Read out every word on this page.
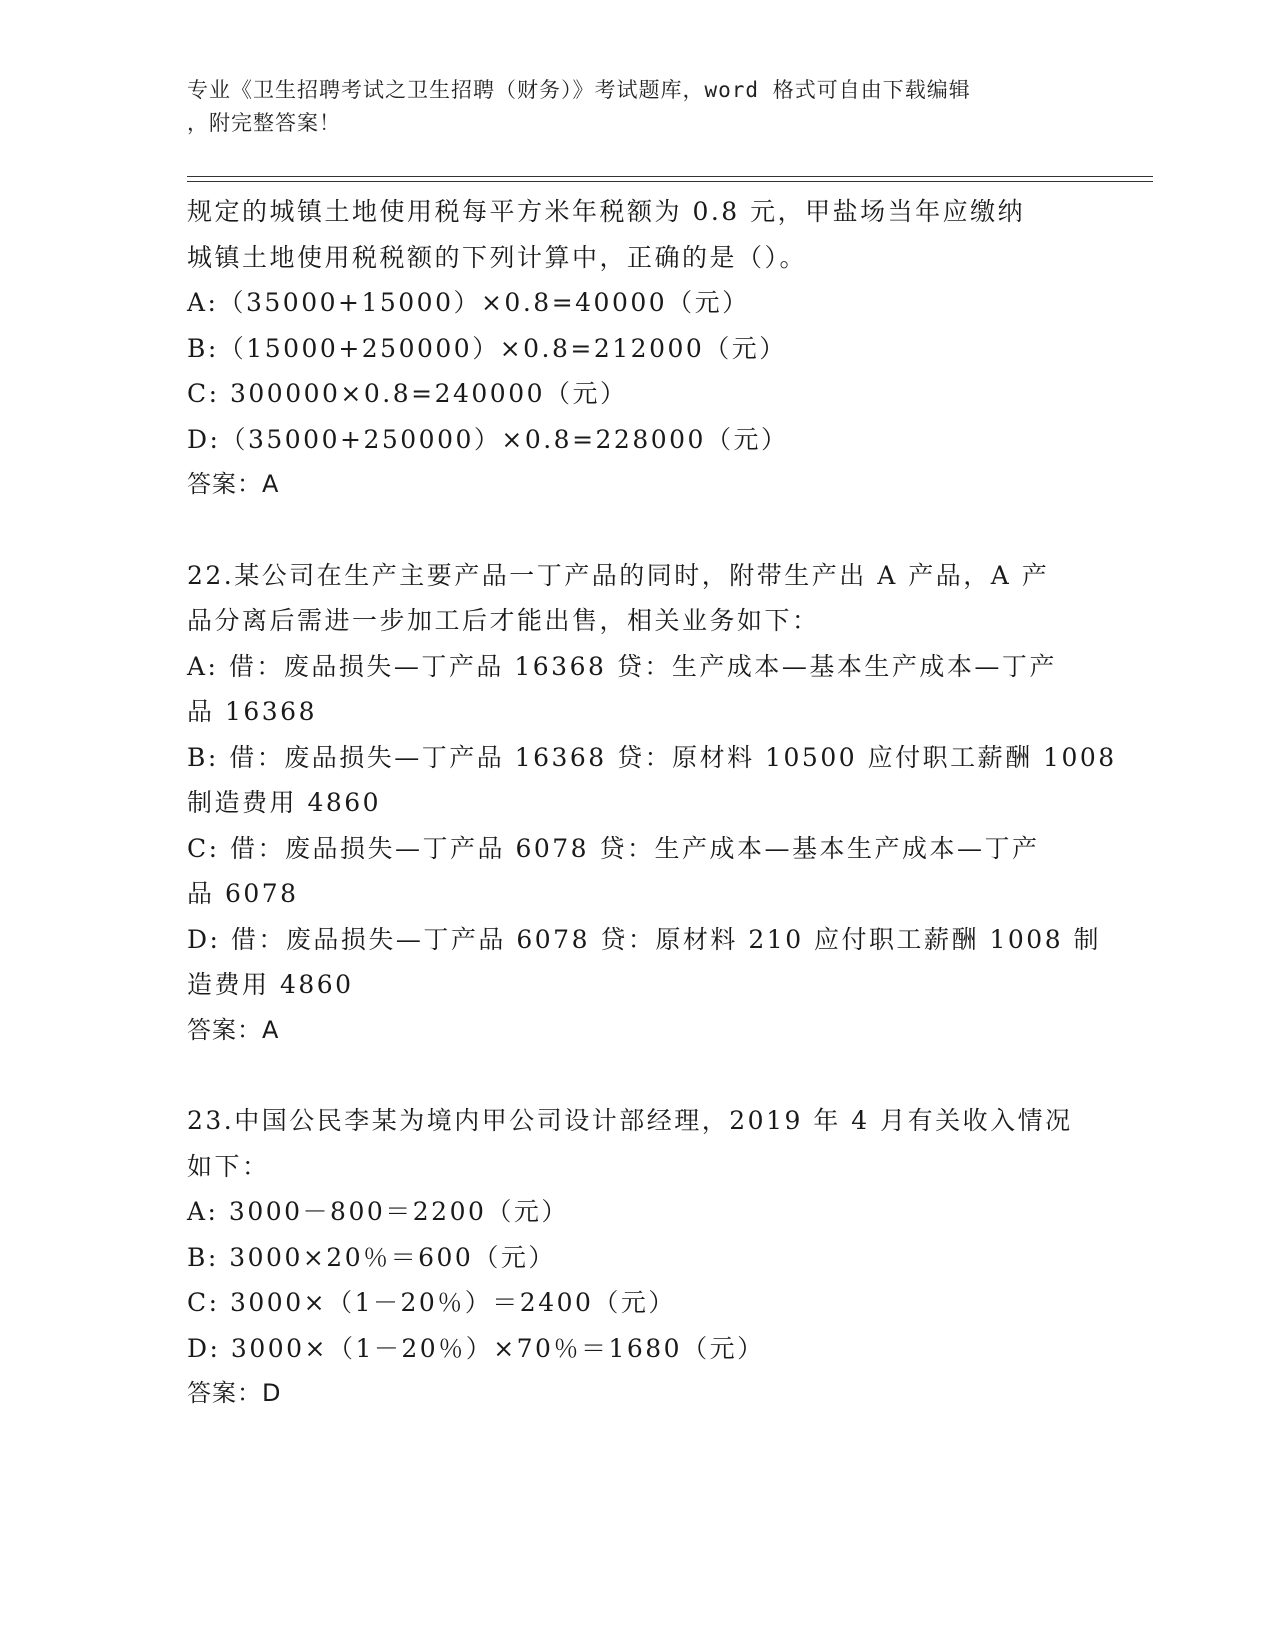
专业《卫生招聘考试之卫生招聘（财务）》考试题库，word 格式可自由下载编辑
，附完整答案！
规定的城镇土地使用税每平方米年税额为 0.8 元，甲盐场当年应缴纳
城镇土地使用税税额的下列计算中，正确的是（）。
A:（35000+15000）×0.8=40000（元）
B:（15000+250000）×0.8=212000（元）
C: 300000×0.8=240000（元）
D:（35000+250000）×0.8=228000（元）
答案：A
22.某公司在生产主要产品一丁产品的同时，附带生产出 A 产品，A 产
品分离后需进一步加工后才能出售，相关业务如下：
A: 借：废品损失—丁产品 16368 贷：生产成本—基本生产成本—丁产
品 16368
B: 借：废品损失—丁产品 16368 贷：原材料 10500 应付职工薪酬 1008
制造费用 4860
C: 借：废品损失—丁产品 6078 贷：生产成本—基本生产成本—丁产
品 6078
D: 借：废品损失—丁产品 6078 贷：原材料 210 应付职工薪酬 1008 制
造费用 4860
答案：A
23.中国公民李某为境内甲公司设计部经理，2019 年 4 月有关收入情况
如下：
A: 3000－800＝2200（元）
B: 3000×20％＝600（元）
C: 3000×（1－20％）＝2400（元）
D: 3000×（1－20％）×70％＝1680（元）
答案：D
